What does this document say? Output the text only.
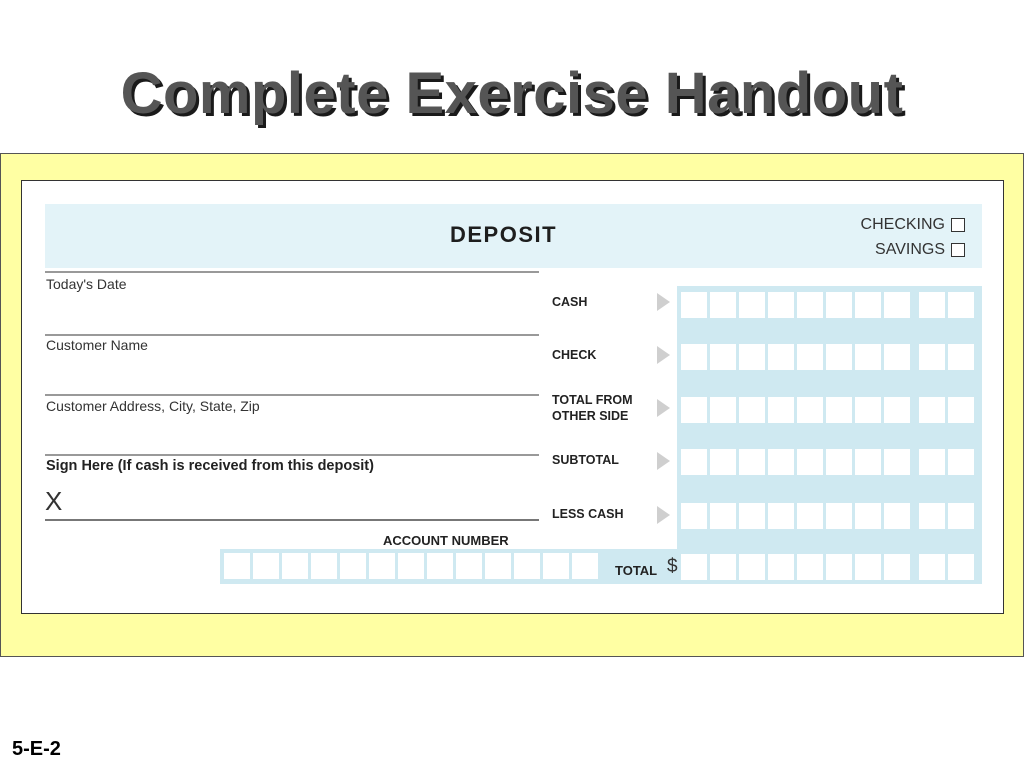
Complete Exercise Handout
DEPOSIT	CHECKING
SAVINGS
Today's Date
Customer Name
Customer Address, City, State, Zip
Sign Here (If cash is received from this deposit)
X
CASH
CHECK
TOTAL FROM
OTHER SIDE
SUBTOTAL
LESS CASH
ACCOUNT NUMBER
TOTAL $
5-E-2
